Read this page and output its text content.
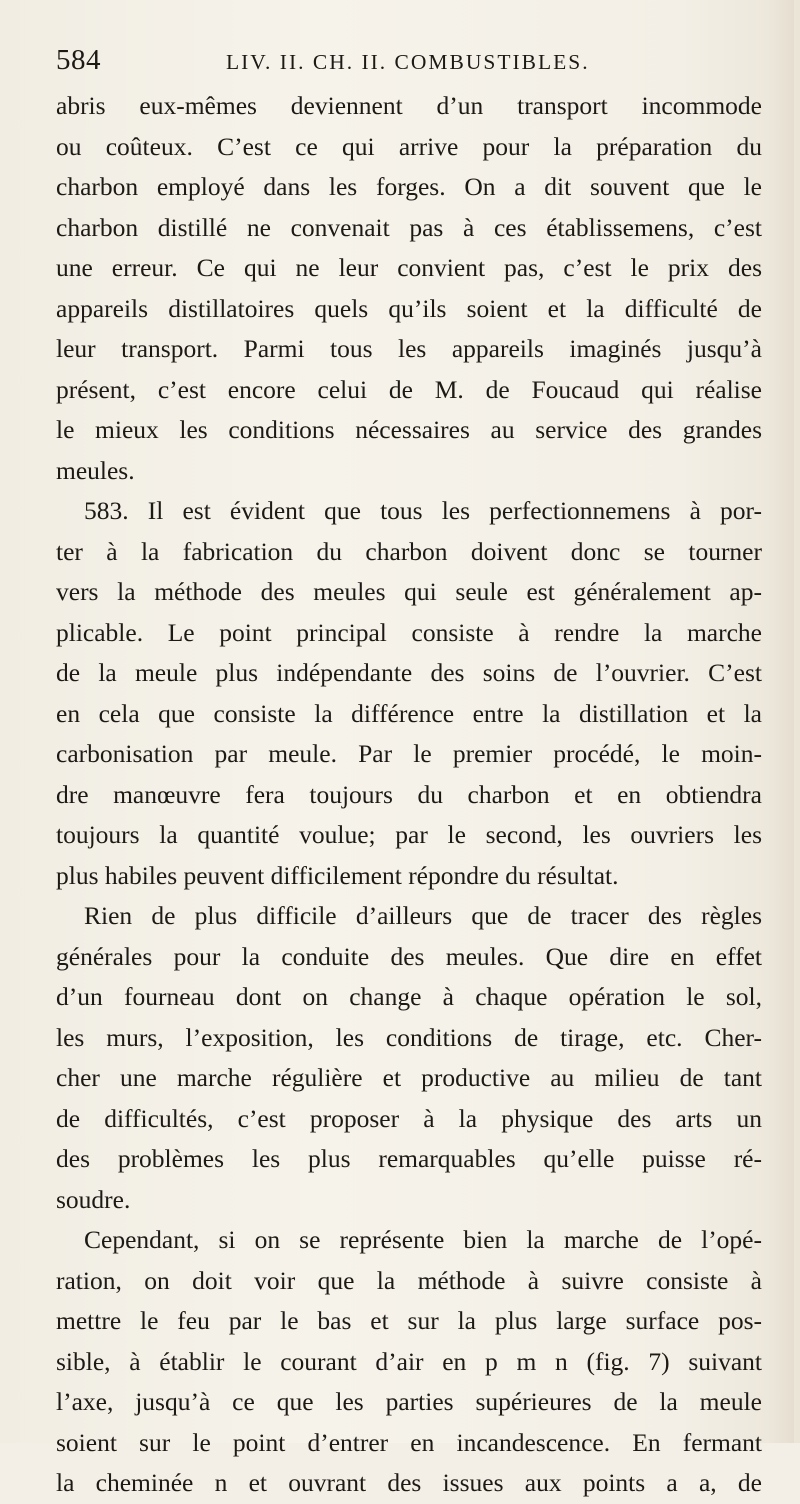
584	LIV. II. CH. II. COMBUSTIBLES.
abris eux-mêmes deviennent d’un transport incommode
ou coûteux. C’est ce qui arrive pour la préparation du
charbon employé dans les forges. On a dit souvent que le
charbon distillé ne convenait pas à ces établissemens, c’est
une erreur. Ce qui ne leur convient pas, c’est le prix des
appareils distillatoires quels qu’ils soient et la difficulté de
leur transport. Parmi tous les appareils imaginés jusqu’à
présent, c’est encore celui de M. de Foucaud qui réalise
le mieux les conditions nécessaires au service des grandes
meules.
583. Il est évident que tous les perfectionnemens à por-
ter à la fabrication du charbon doivent donc se tourner
vers la méthode des meules qui seule est généralement ap-
plicable. Le point principal consiste à rendre la marche
de la meule plus indépendante des soins de l’ouvrier. C’est
en cela que consiste la différence entre la distillation et la
carbonisation par meule. Par le premier procédé, le moin-
dre manœuvre fera toujours du charbon et en obtiendra
toujours la quantité voulue; par le second, les ouvriers les
plus habiles peuvent difficilement répondre du résultat.
Rien de plus difficile d’ailleurs que de tracer des règles
générales pour la conduite des meules. Que dire en effet
d’un fourneau dont on change à chaque opération le sol,
les murs, l’exposition, les conditions de tirage, etc. Cher-
cher une marche régulière et productive au milieu de tant
de difficultés, c’est proposer à la physique des arts un
des problèmes les plus remarquables qu’elle puisse ré-
soudre.
Cependant, si on se représente bien la marche de l’opé-
ration, on doit voir que la méthode à suivre consiste à
mettre le feu par le bas et sur la plus large surface pos-
sible, à établir le courant d’air en p m n (fig. 7) suivant
l’axe, jusqu’à ce que les parties supérieures de la meule
soient sur le point d’entrer en incandescence. En fermant
la cheminée n et ouvrant des issues aux points a a, de
